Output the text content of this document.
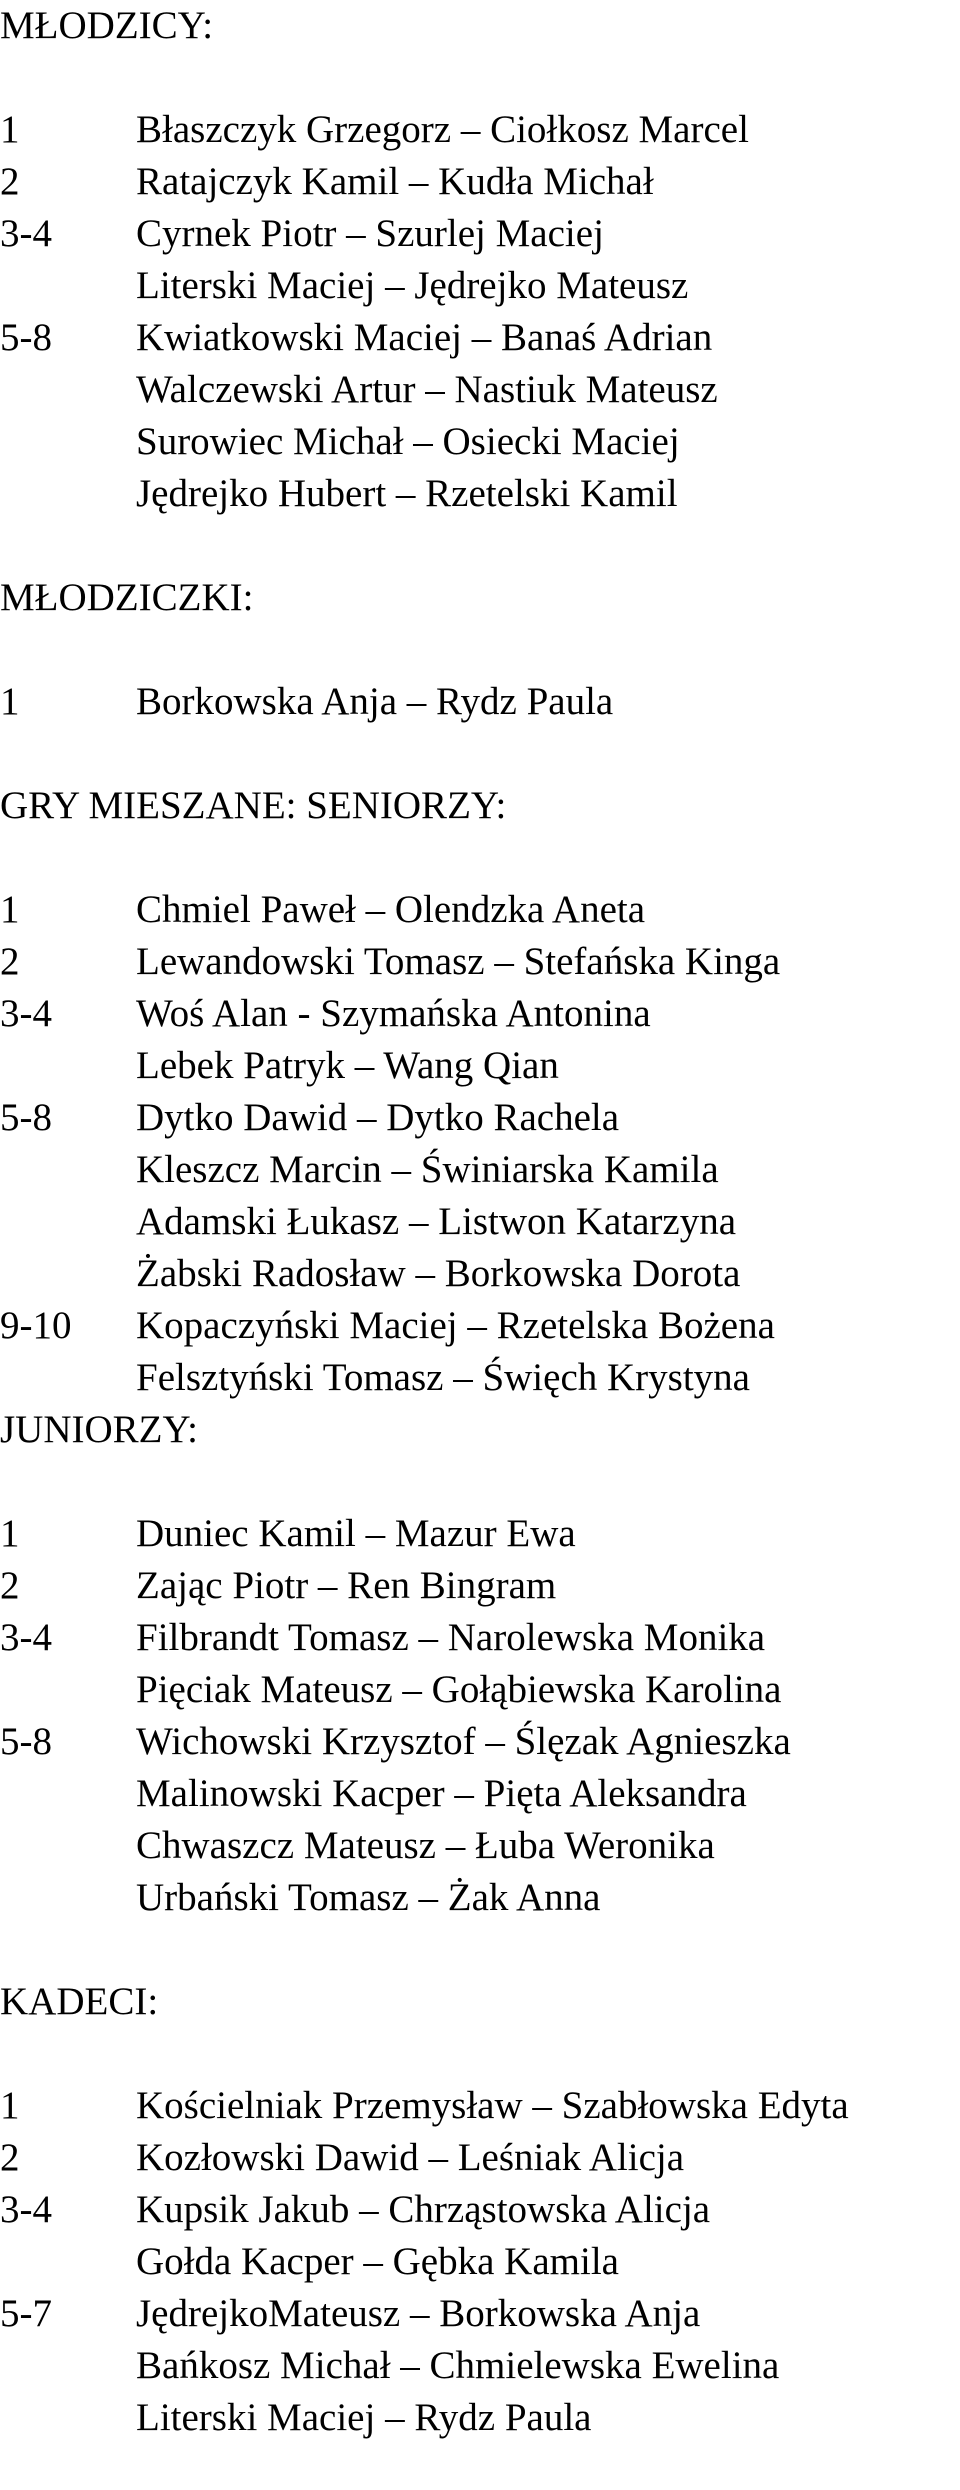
MŁODZICY:
1	Błaszczyk Grzegorz – Ciołkosz Marcel
2	Ratajczyk Kamil – Kudła Michał
3-4 Cyrnek Piotr – Szurlej Maciej
Literski Maciej – Jędrejko Mateusz
5-8 Kwiatkowski Maciej – Banaś Adrian
Walczewski Artur – Nastiuk Mateusz
Surowiec Michał – Osiecki Maciej
Jędrejko Hubert – Rzetelski Kamil
MŁODZICZKI:
1	Borkowska Anja – Rydz Paula
GRY MIESZANE: SENIORZY:
1	Chmiel Paweł – Olendzka Aneta
2	Lewandowski Tomasz – Stefańska Kinga
3-4 Woś Alan - Szymańska Antonina
Lebek Patryk – Wang Qian
5-8 Dytko Dawid – Dytko Rachela
Kleszcz Marcin – Świniarska Kamila
Adamski Łukasz – Listwon Katarzyna
Żabski Radosław – Borkowska Dorota
9-10 Kopaczyński Maciej – Rzetelska Bożena
Felsztyński Tomasz – Święch Krystyna
JUNIORZY:
1	Duniec Kamil – Mazur Ewa
2	Zając Piotr – Ren Bingram
3-4 Filbrandt Tomasz – Narolewska Monika
Pięciak Mateusz – Gołąbiewska Karolina
5-8 Wichowski Krzysztof – Ślęzak Agnieszka
Malinowski Kacper – Pięta Aleksandra
Chwaszcz Mateusz – Łuba Weronika
Urbański Tomasz – Żak Anna
KADECI:
1	Kościelniak Przemysław – Szabłowska Edyta
2	Kozłowski Dawid – Leśniak Alicja
3-4 Kupsik Jakub – Chrząstowska Alicja
Gołda Kacper – Gębka Kamila
5-7 JędrejkoMateusz – Borkowska Anja
Bańkosz Michał – Chmielewska Ewelina
Literski Maciej – Rydz Paula
